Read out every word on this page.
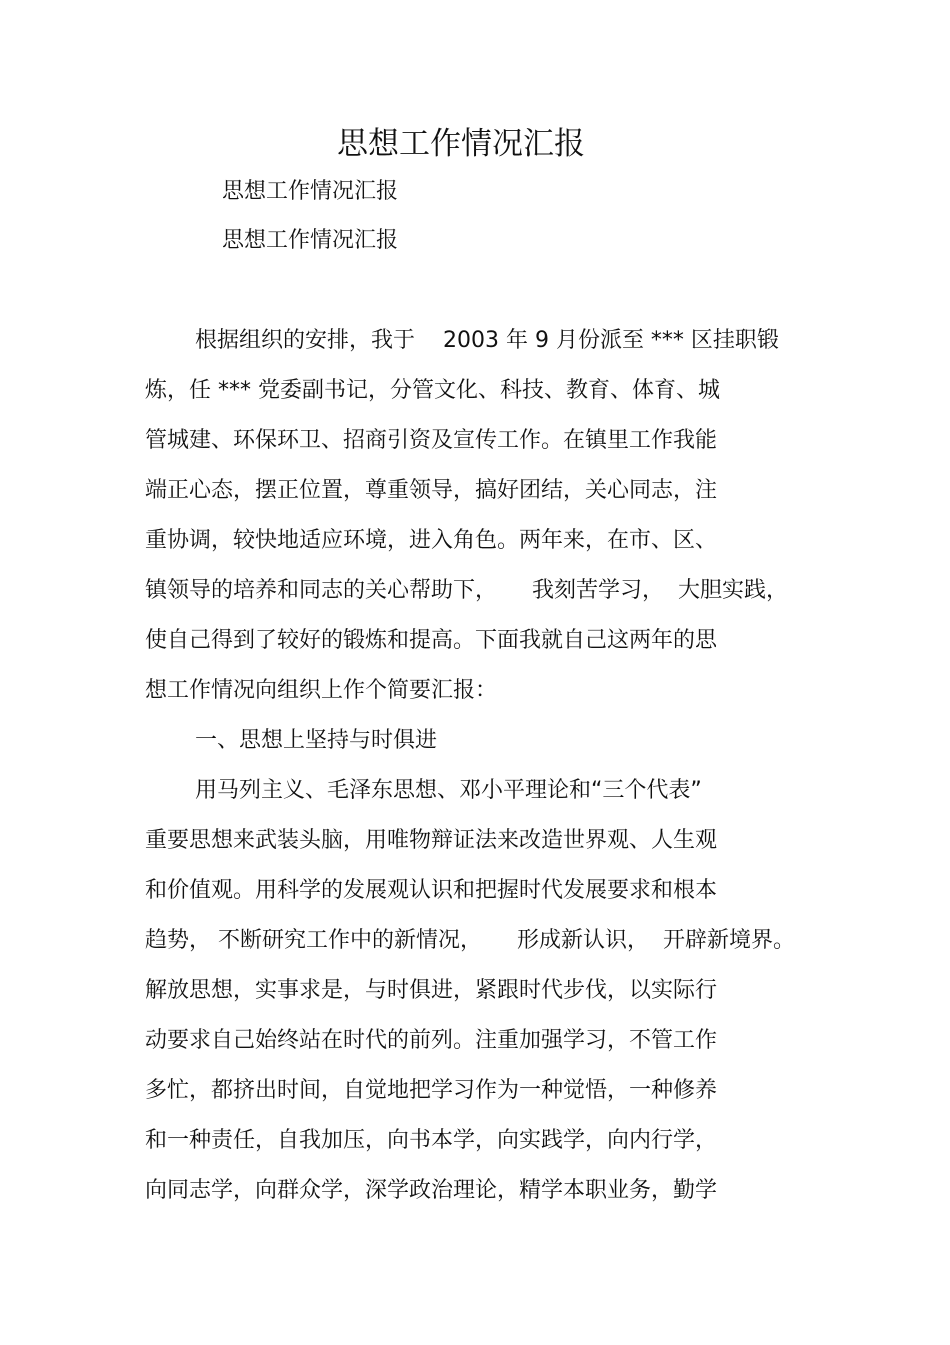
思想工作情况汇报
思想工作情况汇报
思想工作情况汇报
根据组织的安排，我于    2003 年 9 月份派至 *** 区挂职锻
炼，任 *** 党委副书记，分管文化、科技、教育、体育、城
管城建、环保环卫、招商引资及宣传工作。在镇里工作我能
端正心态，摆正位置，尊重领导，搞好团结，关心同志，注
重协调，较快地适应环境，进入角色。两年来，在市、区、
镇领导的培养和同志的关心帮助下，     我刻苦学习，  大胆实践，
使自己得到了较好的锻炼和提高。下面我就自己这两年的思
想工作情况向组织上作个简要汇报：
一、思想上坚持与时俱进
用马列主义、毛泽东思想、邓小平理论和“三个代表”
重要思想来武装头脑，用唯物辩证法来改造世界观、人生观
和价值观。用科学的发展观认识和把握时代发展要求和根本
趋势， 不断研究工作中的新情况，     形成新认识，  开辟新境界。
解放思想，实事求是，与时俱进，紧跟时代步伐，以实际行
动要求自己始终站在时代的前列。注重加强学习，不管工作
多忙，都挤出时间，自觉地把学习作为一种觉悟，一种修养
和一种责任，自我加压，向书本学，向实践学，向内行学，
向同志学，向群众学，深学政治理论，精学本职业务，勤学
